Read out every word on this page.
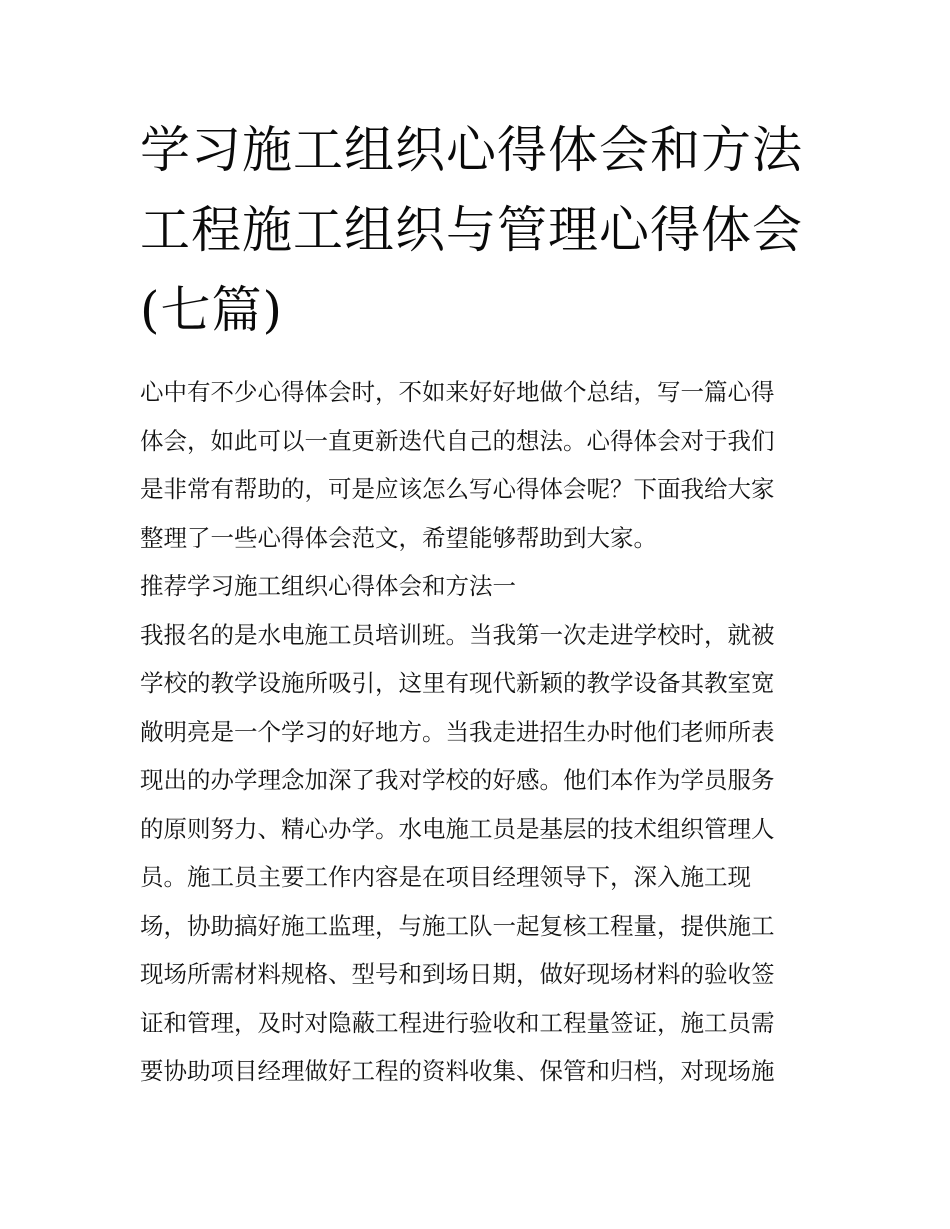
学习施工组织心得体会和方法
工程施工组织与管理心得体会
(七篇)

心中有不少心得体会时，不如来好好地做个总结，写一篇心得
体会，如此可以一直更新迭代自己的想法。心得体会对于我们
是非常有帮助的，可是应该怎么写心得体会呢？下面我给大家
整理了一些心得体会范文，希望能够帮助到大家。

推荐学习施工组织心得体会和方法一

我报名的是水电施工员培训班。当我第一次走进学校时，就被
学校的教学设施所吸引，这里有现代新颖的教学设备其教室宽
敞明亮是一个学习的好地方。当我走进招生办时他们老师所表
现出的办学理念加深了我对学校的好感。他们本作为学员服务
的原则努力、精心办学。水电施工员是基层的技术组织管理人
员。施工员主要工作内容是在项目经理领导下，深入施工现
场，协助搞好施工监理，与施工队一起复核工程量，提供施工
现场所需材料规格、型号和到场日期，做好现场材料的验收签
证和管理，及时对隐蔽工程进行验收和工程量签证，施工员需
要协助项目经理做好工程的资料收集、保管和归档，对现场施
